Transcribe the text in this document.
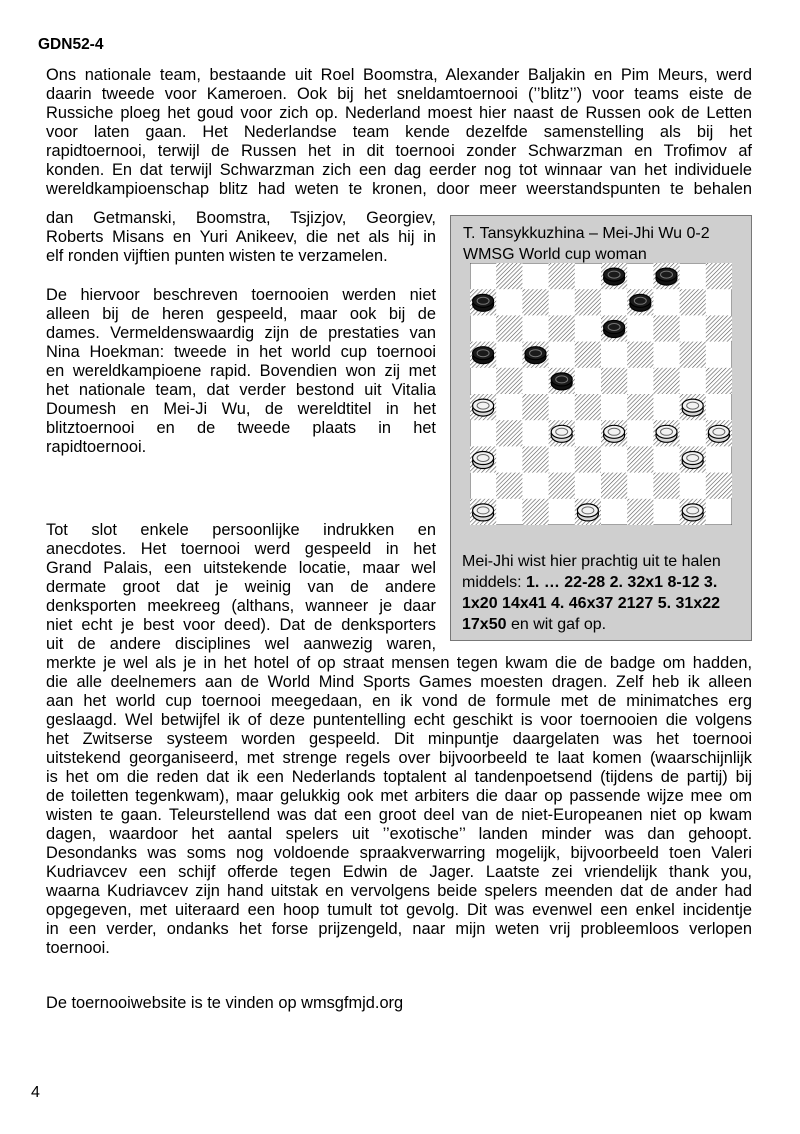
GDN52-4
Ons nationale team, bestaande uit Roel Boomstra, Alexander Baljakin en Pim Meurs, werd
daarin tweede voor Kameroen. Ook bij het sneldamtoernooi (’’blitz’’) voor teams eiste de
Russiche ploeg het goud voor zich op. Nederland moest hier naast de Russen ook de Letten
voor laten gaan. Het Nederlandse team kende dezelfde samenstelling als bij het
rapidtoernooi, terwijl de Russen het in dit toernooi zonder Schwarzman en Trofimov af
konden. En dat terwijl Schwarzman zich een dag eerder nog tot winnaar van het individuele
wereldkampioenschap blitz had weten te kronen, door meer weerstandspunten te behalen
dan Getmanski, Boomstra, Tsjizjov, Georgiev,
Roberts Misans en Yuri Anikeev, die net als hij in
elf ronden vijftien punten wisten te verzamelen.
De hiervoor beschreven toernooien werden niet
alleen bij de heren gespeeld, maar ook bij de
dames. Vermeldenswaardig zijn de prestaties van
Nina Hoekman: tweede in het world cup toernooi
en wereldkampioene rapid. Bovendien won zij met
het nationale team, dat verder bestond uit Vitalia
Doumesh en Mei-Ji Wu, de wereldtitel in het
blitztoernooi en de tweede plaats in het
rapidtoernooi.
Tot slot enkele persoonlijke indrukken en
anecdotes. Het toernooi werd gespeeld in het
Grand Palais, een uitstekende locatie, maar wel
dermate groot dat je weinig van de andere
denksporten meekreeg (althans, wanneer je daar
niet echt je best voor deed). Dat de denksporters
uit de andere disciplines wel aanwezig waren,
merkte je wel als je in het hotel of op straat mensen tegen kwam die de badge om hadden,
die alle deelnemers aan de World Mind Sports Games moesten dragen. Zelf heb ik alleen
aan het world cup toernooi meegedaan, en ik vond de formule met de minimatches erg
geslaagd. Wel betwijfel ik of deze puntentelling echt geschikt is voor toernooien die volgens
het Zwitserse systeem worden gespeeld. Dit minpuntje daargelaten was het toernooi
uitstekend georganiseerd, met strenge regels over bijvoorbeeld te laat komen (waarschijnlijk
is het om die reden dat ik een Nederlands toptalent al tandenpoetsend (tijdens de partij) bij
de toiletten tegenkwam), maar gelukkig ook met arbiters die daar op passende wijze mee om
wisten te gaan. Teleurstellend was dat een groot deel van de niet-Europeanen niet op kwam
dagen, waardoor het aantal spelers uit ’’exotische’’ landen minder was dan gehoopt.
Desondanks was soms nog voldoende spraakverwarring mogelijk, bijvoorbeeld toen Valeri
Kudriavcev een schijf offerde tegen Edwin de Jager. Laatste zei vriendelijk thank you,
waarna Kudriavcev zijn hand uitstak en vervolgens beide spelers meenden dat de ander had
opgegeven, met uiteraard een hoop tumult tot gevolg. Dit was evenwel een enkel incidentje
in een verder, ondanks het forse prijzengeld, naar mijn weten vrij probleemloos verlopen
toernooi.
T. Tansykkuzhina – Mei-Jhi Wu 0-2
WMSG World cup woman
Mei-Jhi wist hier prachtig uit te halen middels: 1. … 22-28 2. 32x1 8-12 3. 1x20 14x41 4. 46x37 2127 5. 31x22 17x50 en wit gaf op.
De toernooiwebsite is te vinden op wmsgfmjd.org
4
